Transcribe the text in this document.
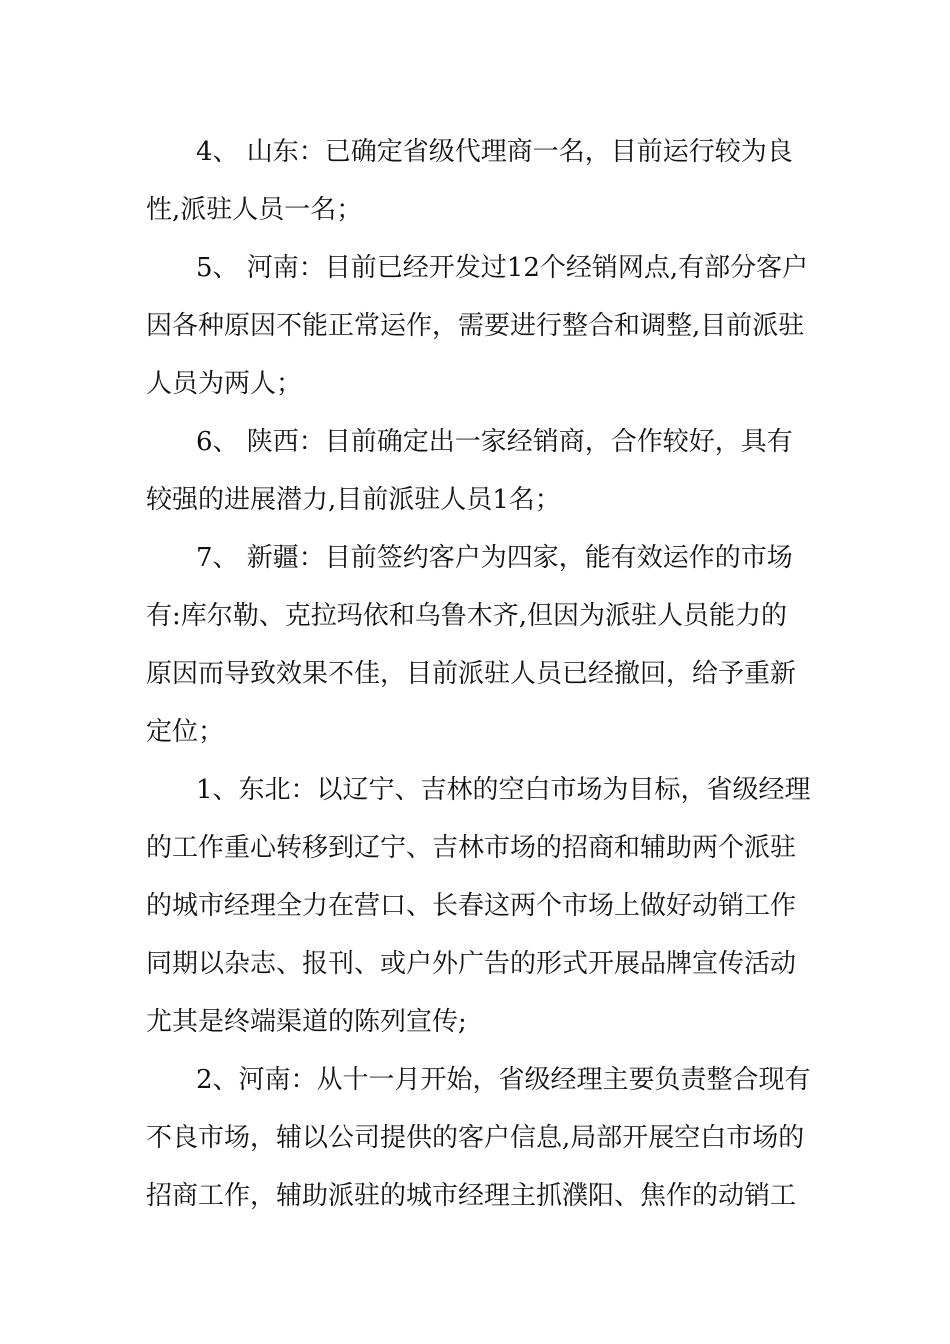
4、 山东：已确定省级代理商一名，目前运行较为良
性,派驻人员一名；
5、 河南：目前已经开发过12个经销网点,有部分客户
因各种原因不能正常运作，需要进行整合和调整,目前派驻
人员为两人；
6、 陕西：目前确定出一家经销商，合作较好，具有
较强的进展潜力,目前派驻人员1名；
7、 新疆：目前签约客户为四家，能有效运作的市场
有:库尔勒、克拉玛依和乌鲁木齐,但因为派驻人员能力的
原因而导致效果不佳，目前派驻人员已经撤回，给予重新
定位；
1、东北：以辽宁、吉林的空白市场为目标，省级经理
的工作重心转移到辽宁、吉林市场的招商和辅助两个派驻
的城市经理全力在营口、长春这两个市场上做好动销工作
同期以杂志、报刊、或户外广告的形式开展品牌宣传活动
尤其是终端渠道的陈列宣传;
2、河南：从十一月开始，省级经理主要负责整合现有
不良市场，辅以公司提供的客户信息,局部开展空白市场的
招商工作，辅助派驻的城市经理主抓濮阳、焦作的动销工
